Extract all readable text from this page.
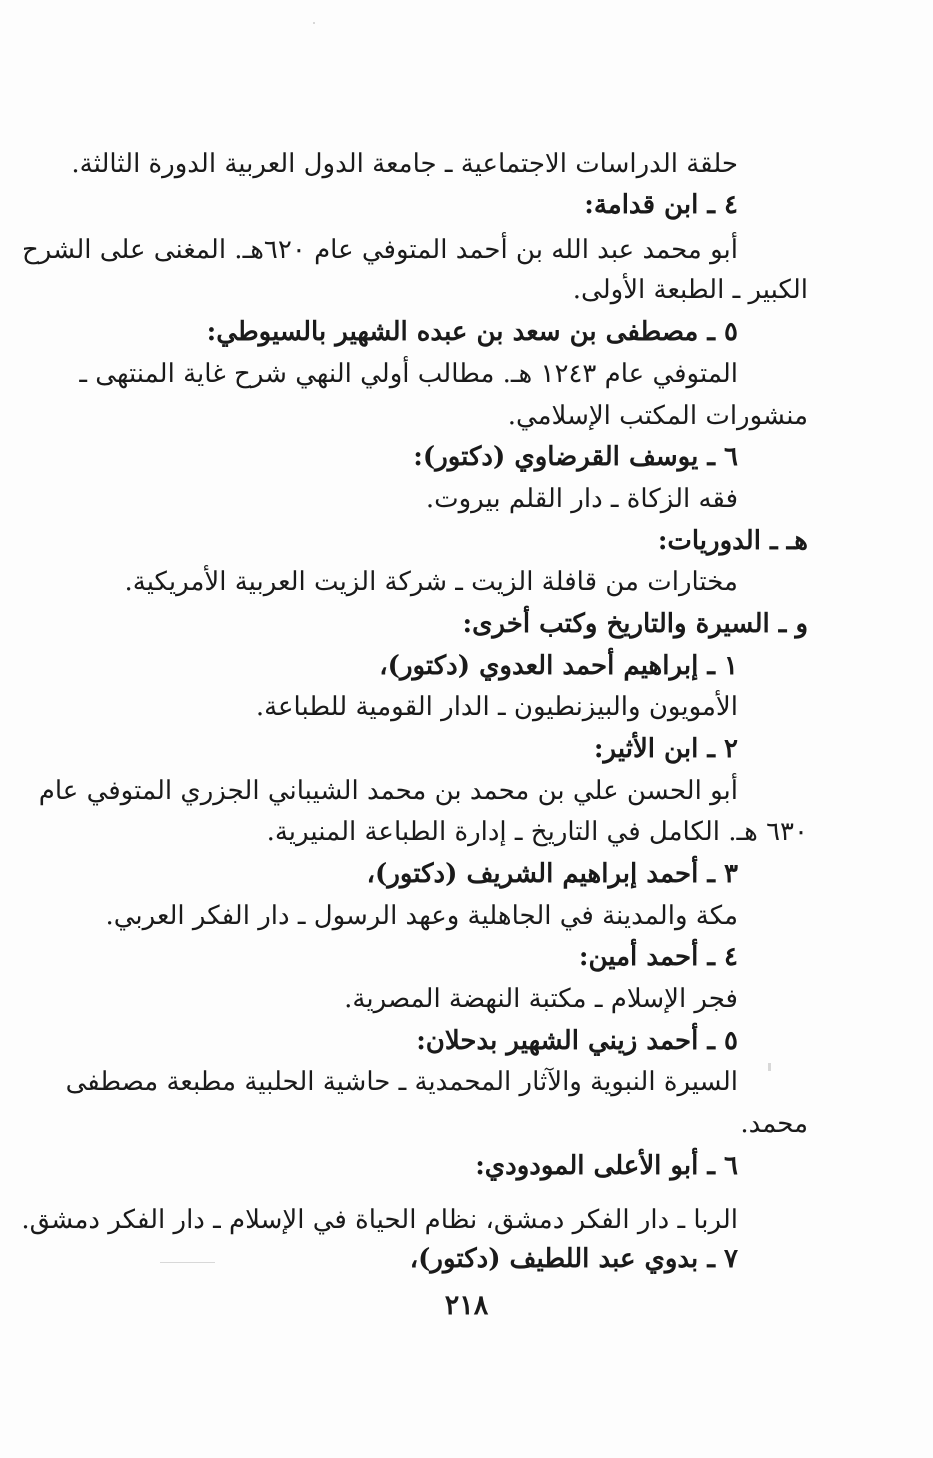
حلقة الدراسات الاجتماعية ـ جامعة الدول العربية الدورة الثالثة.
٤ ـ ابن قدامة:
أبو محمد عبد الله بن أحمد المتوفي عام ٦٢٠هـ. المغنى على الشرح
الكبير ـ الطبعة الأولى.
٥ ـ مصطفى بن سعد بن عبده الشهير بالسيوطي:
المتوفي عام ١٢٤٣ هـ. مطالب أولي النهي شرح غاية المنتهى ـ
منشورات المكتب الإسلامي.
٦ ـ يوسف القرضاوي (دكتور):
فقه الزكاة ـ دار القلم بيروت.
هـ ـ الدوريات:
مختارات من قافلة الزيت ـ شركة الزيت العربية الأمريكية.
و ـ السيرة والتاريخ وكتب أخرى:
١ ـ إبراهيم أحمد العدوي (دكتور)،
الأمويون والبيزنطيون ـ الدار القومية للطباعة.
٢ ـ ابن الأثير:
أبو الحسن علي بن محمد بن محمد الشيباني الجزري المتوفي عام
٦٣٠ هـ. الكامل في التاريخ ـ إدارة الطباعة المنيرية.
٣ ـ أحمد إبراهيم الشريف (دكتور)،
مكة والمدينة في الجاهلية وعهد الرسول ـ دار الفكر العربي.
٤ ـ أحمد أمين:
فجر الإسلام ـ مكتبة النهضة المصرية.
٥ ـ أحمد زيني الشهير بدحلان:
السيرة النبوية والآثار المحمدية ـ حاشية الحلبية مطبعة مصطفى
محمد.
٦ ـ أبو الأعلى المودودي:
الربا ـ دار الفكر دمشق، نظام الحياة في الإسلام ـ دار الفكر دمشق.
٧ ـ بدوي عبد اللطيف (دكتور)،
٢١٨
